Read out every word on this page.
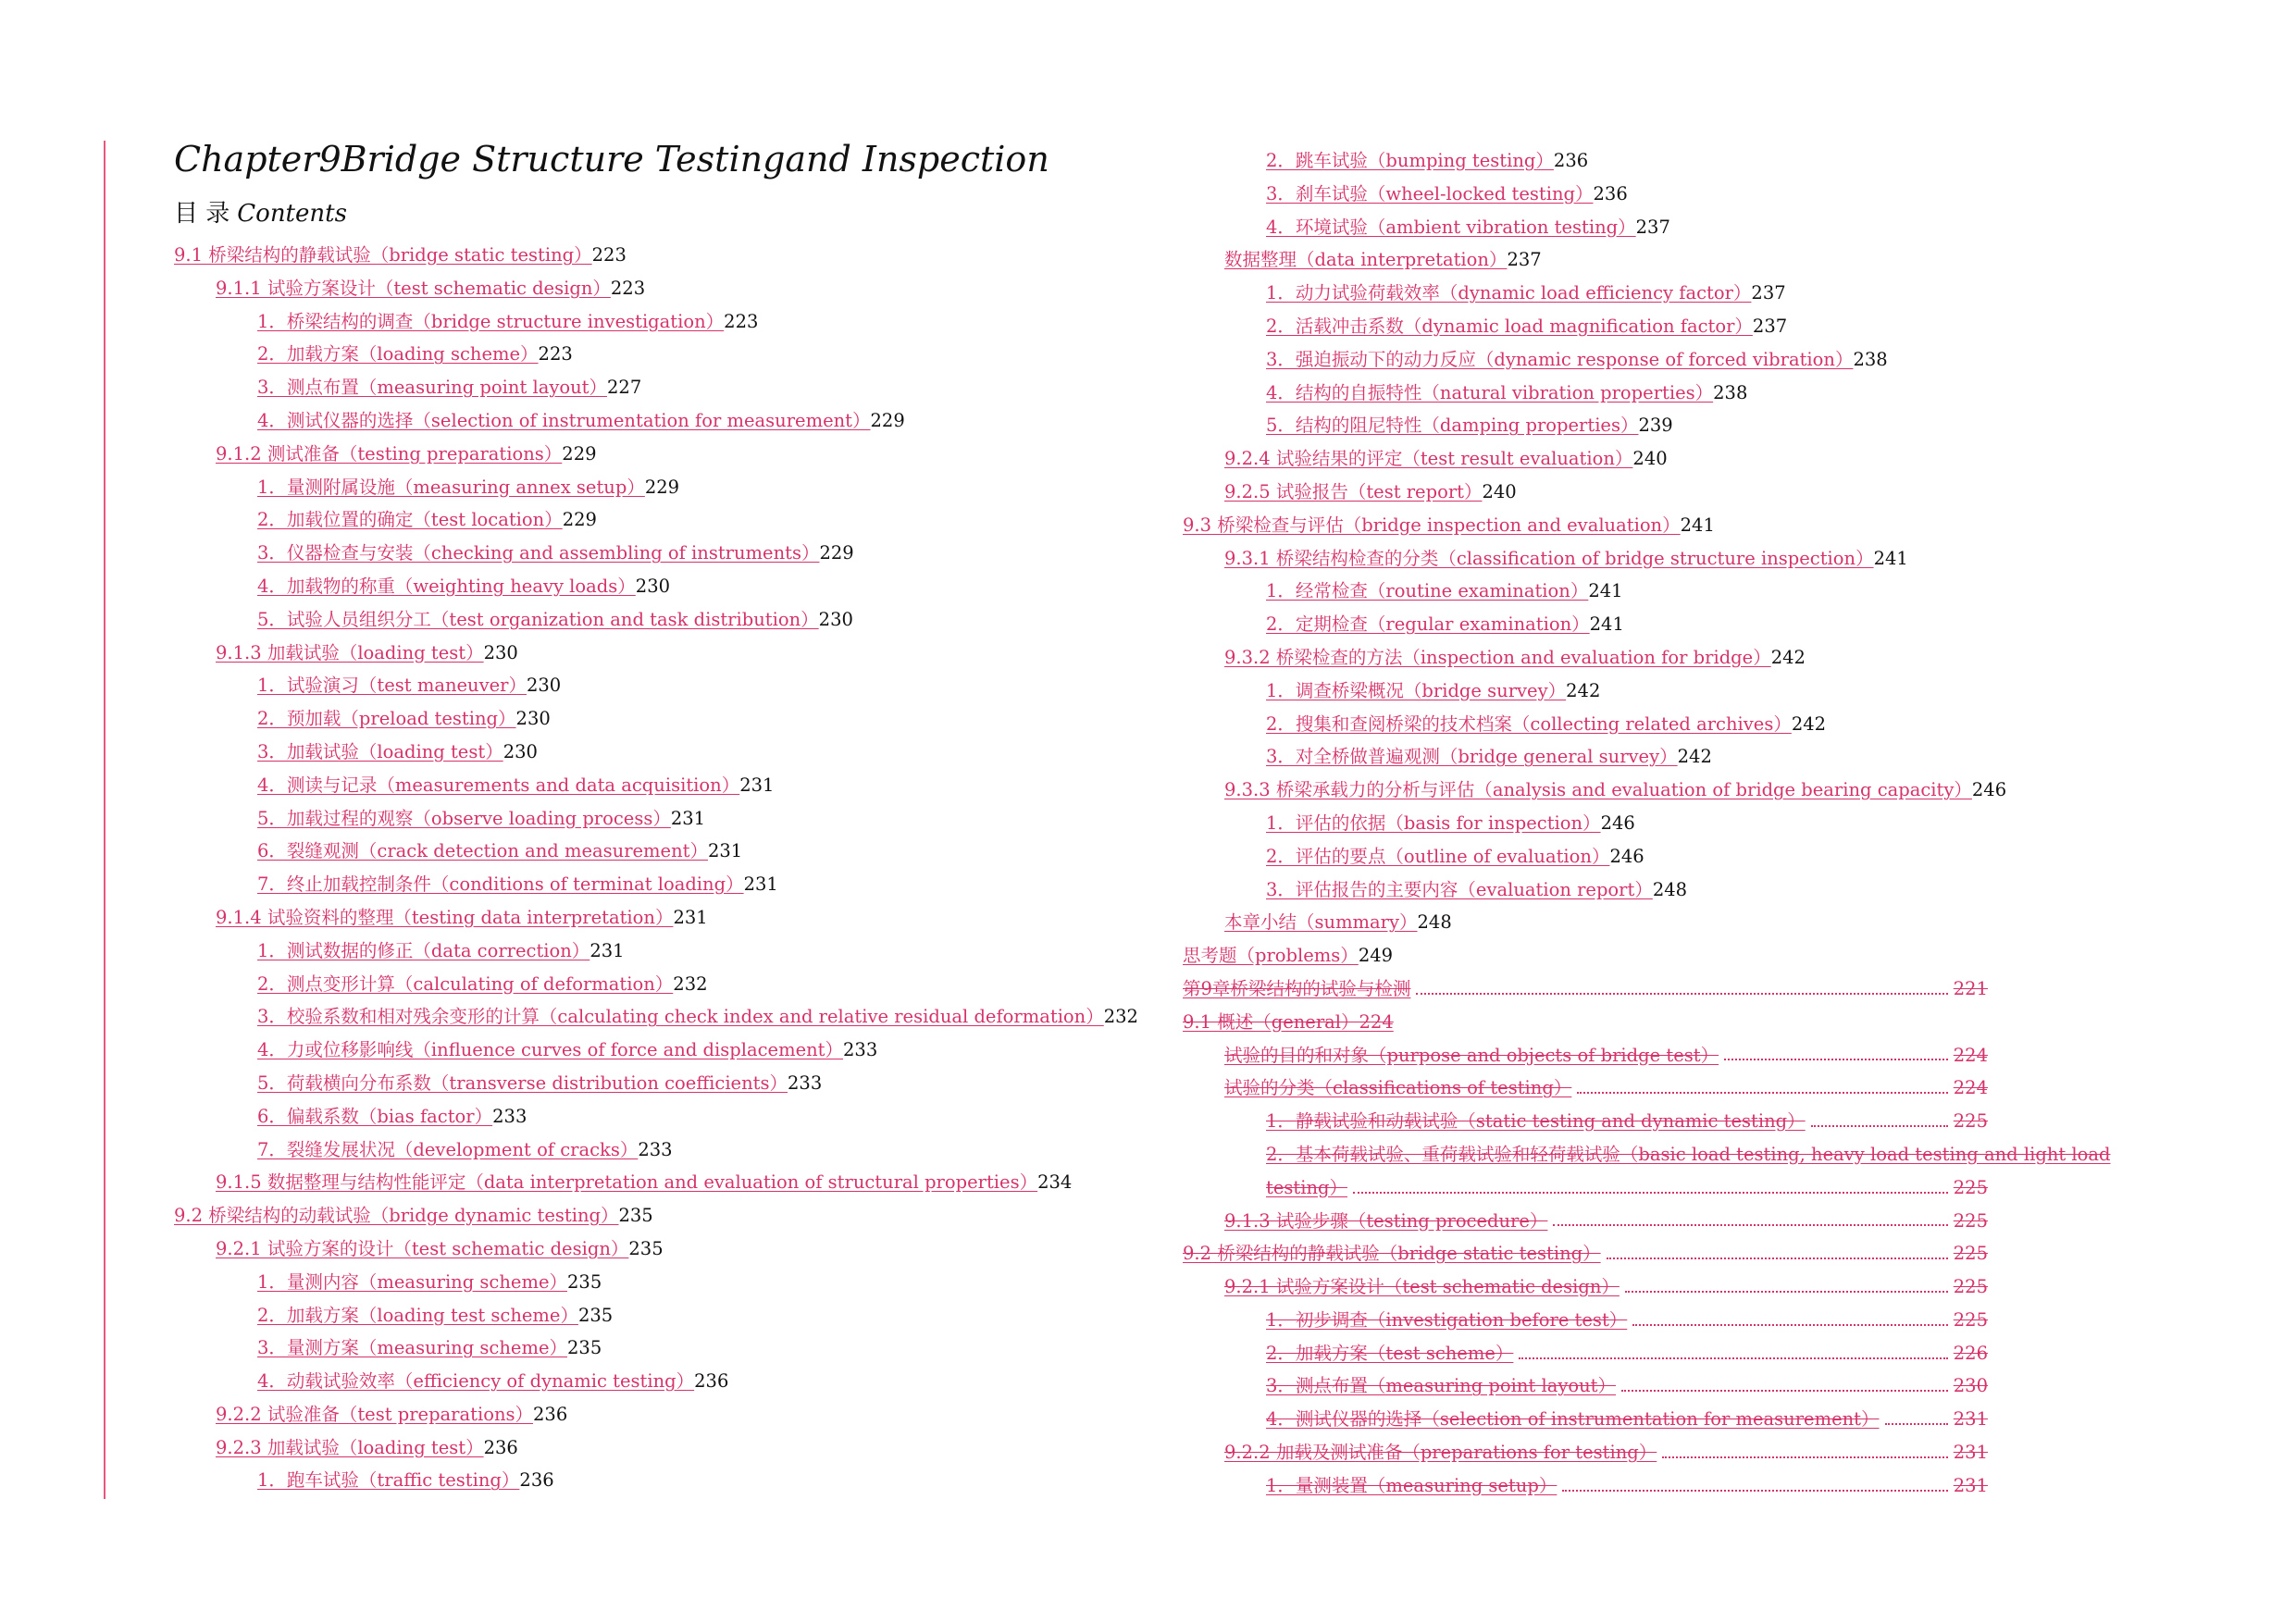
Chapter9Bridge Structure Testingand Inspection
目 录 Contents
9.1 桥梁结构的静载试验（bridge static testing）223
9.1.1 试验方案设计（test schematic design）223
1．桥梁结构的调查（bridge structure investigation）223
2．加载方案（loading scheme）223
3．测点布置（measuring point layout）227
4．测试仪器的选择（selection of instrumentation for measurement）229
9.1.2 测试准备（testing preparations）229
1．量测附属设施（measuring annex setup）229
2．加载位置的确定（test location）229
3．仪器检查与安装（checking and assembling of instruments）229
4．加载物的称重（weighting heavy loads）230
5．试验人员组织分工（test organization and task distribution）230
9.1.3 加载试验（loading test）230
1．试验演习（test maneuver）230
2．预加载（preload testing）230
3．加载试验（loading test）230
4．测读与记录（measurements and data acquisition）231
5．加载过程的观察（observe loading process）231
6．裂缝观测（crack detection and measurement）231
7．终止加载控制条件（conditions of terminat loading）231
9.1.4 试验资料的整理（testing data interpretation）231
1．测试数据的修正（data correction）231
2．测点变形计算（calculating of deformation）232
3．校验系数和相对残余变形的计算（calculating check index and relative residual deformation）232
4．力或位移影响线（influence curves of force and displacement）233
5．荷载横向分布系数（transverse distribution coefficients）233
6．偏载系数（bias factor）233
7．裂缝发展状况（development of cracks）233
9.1.5 数据整理与结构性能评定（data interpretation and evaluation of structural properties）234
9.2 桥梁结构的动载试验（bridge dynamic testing）235
9.2.1 试验方案的设计（test schematic design）235
1．量测内容（measuring scheme）235
2．加载方案（loading test scheme）235
3．量测方案（measuring scheme）235
4．动载试验效率（efficiency of dynamic testing）236
9.2.2 试验准备（test preparations）236
9.2.3 加载试验（loading test）236
1．跑车试验（traffic testing）236
2．跳车试验（bumping testing）236
3．刹车试验（wheel-locked testing）236
4．环境试验（ambient vibration testing）237
数据整理（data interpretation）237
1．动力试验荷载效率（dynamic load efficiency factor）237
2．活载冲击系数（dynamic load magnification factor）237
3．强迫振动下的动力反应（dynamic response of forced vibration）238
4．结构的自振特性（natural vibration properties）238
5．结构的阻尼特性（damping properties）239
9.2.4 试验结果的评定（test result evaluation）240
9.2.5 试验报告（test report）240
9.3 桥梁检查与评估（bridge inspection and evaluation）241
9.3.1 桥梁结构检查的分类（classification of bridge structure inspection）241
1．经常检查（routine examination）241
2．定期检查（regular examination）241
9.3.2 桥梁检查的方法（inspection and evaluation for bridge）242
1．调查桥梁概况（bridge survey）242
2．搜集和查阅桥梁的技术档案（collecting related archives）242
3．对全桥做普遍观测（bridge general survey）242
9.3.3 桥梁承载力的分析与评估（analysis and evaluation of bridge bearing capacity）246
1．评估的依据（basis for inspection）246
2．评估的要点（outline of evaluation）246
3．评估报告的主要内容（evaluation report）248
本章小结（summary）248
思考题（problems）249
第9章桥梁结构的试验与检测	221
9.1 概述（general）224
试验的目的和对象（purpose and objects of bridge test）	224
试验的分类（classifications of testing）	224
1．静载试验和动载试验（static testing and dynamic testing）	225
2．基本荷载试验、重荷载试验和轻荷载试验（basic load testing, heavy load testing and light load
testing）	225
9.1.3 试验步骤（testing procedure）	225
9.2 桥梁结构的静载试验（bridge static testing）	225
9.2.1 试验方案设计（test schematic design）	225
1．初步调查（investigation before test）	225
2．加载方案（test scheme）	226
3．测点布置（measuring point layout）	230
4．测试仪器的选择（selection of instrumentation for measurement）	231
9.2.2 加载及测试准备（preparations for testing）	231
1．量测装置（measuring setup）	231
